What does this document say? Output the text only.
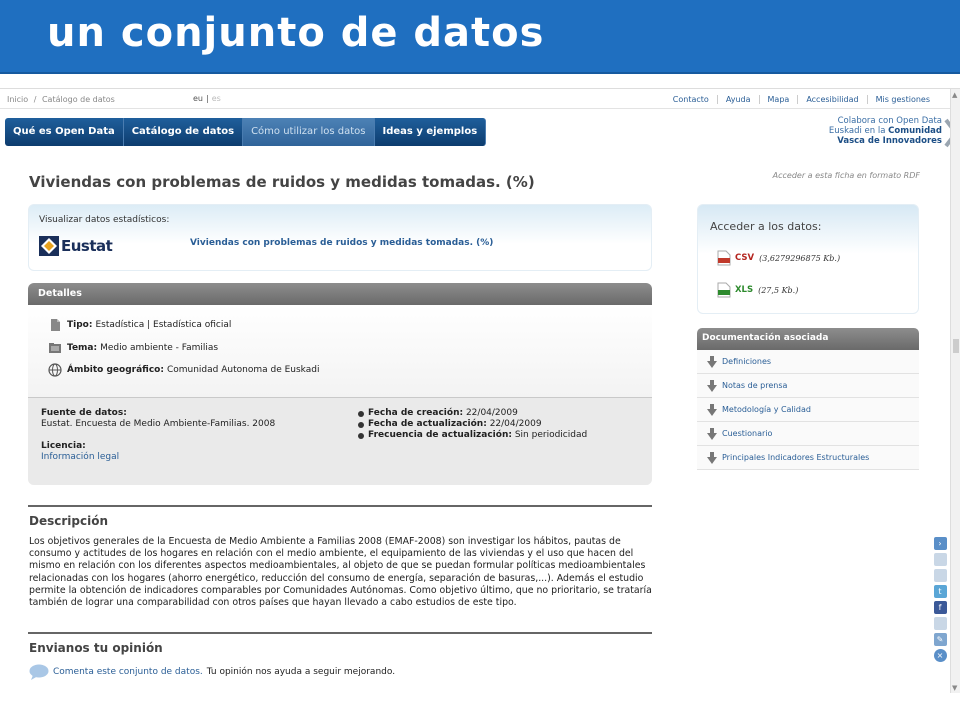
un conjunto de datos
Inicio / Catálogo de datos	eu | es	Contacto	Ayuda	Mapa	Accesibilidad	Mis gestiones
Qué es Open Data	Catálogo de datos	Cómo utilizar los datos	Ideas y ejemplos
Colabora con Open Data
Euskadi en la Comunidad
Vasca de Innovadores
Viviendas con problemas de ruidos y medidas tomadas. (%)	Acceder a esta ficha en formato RDF
Visualizar datos estadísticos:
Eustat	Viviendas con problemas de ruidos y medidas tomadas. (%)
Detalles
Tipo: Estadística | Estadística oficial
Tema: Medio ambiente - Familias
Ámbito geográfico: Comunidad Autonoma de Euskadi
Fuente de datos:
Eustat. Encuesta de Medio Ambiente-Familias. 2008
Licencia:
Información legal
Fecha de creación:
22/04/2009
Fecha de actualización:
22/04/2009
Frecuencia de actualización:
Sin periodicidad
Descripción
Los objetivos generales de la Encuesta de Medio Ambiente a Familias 2008 (EMAF-2008) son investigar los hábitos, pautas de consumo y actitudes de los hogares en relación con el medio ambiente, el equipamiento de las viviendas y el uso que hacen del mismo en relación con los diferentes aspectos medioambientales, al objeto de que se puedan formular políticas medioambientales relacionadas con los hogares (ahorro energético, reducción del consumo de energía, separación de basuras,...). Además el estudio permite la obtención de indicadores comparables por Comunidades Autónomas. Como objetivo último, que no prioritario, se trataría también de lograr una comparabilidad con otros países que hayan llevado a cabo estudios de este tipo.
Envianos tu opinión
Comenta este conjunto de datos. Tu opinión nos ayuda a seguir mejorando.
Acceder a los datos:
CSV (3,6279296875 Kb.)
XLS (27,5 Kb.)
Documentación asociada
Definiciones
Notas de prensa
Metodología y Calidad
Cuestionario
Principales Indicadores Estructurales
›
t
f
✎
×
▲
▼
